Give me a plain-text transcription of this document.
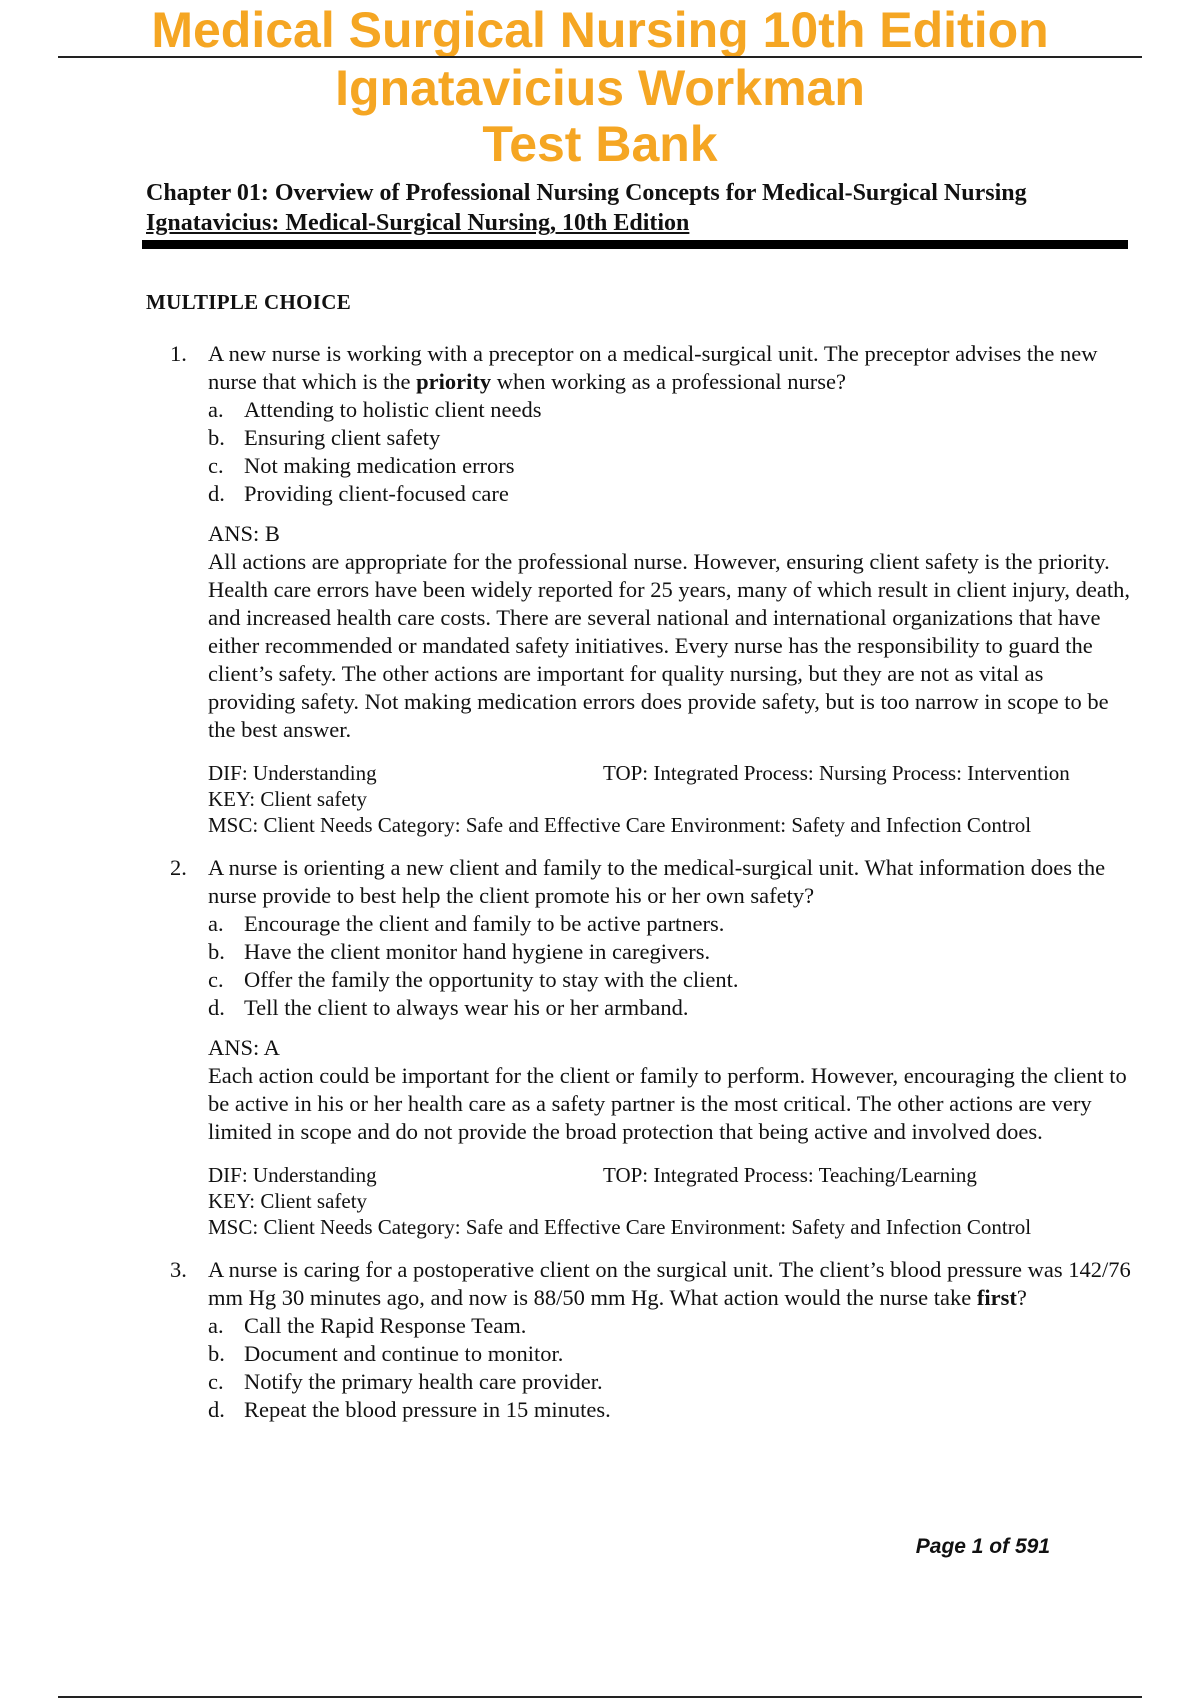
Medical Surgical Nursing 10th Edition
Ignatavicius Workman
Test Bank
Chapter 01: Overview of Professional Nursing Concepts for Medical-Surgical Nursing
Ignatavicius: Medical-Surgical Nursing, 10th Edition
MULTIPLE CHOICE
1. A new nurse is working with a preceptor on a medical-surgical unit. The preceptor advises the new nurse that which is the priority when working as a professional nurse?
a. Attending to holistic client needs
b. Ensuring client safety
c. Not making medication errors
d. Providing client-focused care
ANS: B
All actions are appropriate for the professional nurse. However, ensuring client safety is the priority. Health care errors have been widely reported for 25 years, many of which result in client injury, death, and increased health care costs. There are several national and international organizations that have either recommended or mandated safety initiatives. Every nurse has the responsibility to guard the client’s safety. The other actions are important for quality nursing, but they are not as vital as providing safety. Not making medication errors does provide safety, but is too narrow in scope to be the best answer.
DIF: Understanding	TOP: Integrated Process: Nursing Process: Intervention
KEY: Client safety
MSC: Client Needs Category: Safe and Effective Care Environment: Safety and Infection Control
2. A nurse is orienting a new client and family to the medical-surgical unit. What information does the nurse provide to best help the client promote his or her own safety?
a. Encourage the client and family to be active partners.
b. Have the client monitor hand hygiene in caregivers.
c. Offer the family the opportunity to stay with the client.
d. Tell the client to always wear his or her armband.
ANS: A
Each action could be important for the client or family to perform. However, encouraging the client to be active in his or her health care as a safety partner is the most critical. The other actions are very limited in scope and do not provide the broad protection that being active and involved does.
DIF: Understanding	TOP: Integrated Process: Teaching/Learning
KEY: Client safety
MSC: Client Needs Category: Safe and Effective Care Environment: Safety and Infection Control
3. A nurse is caring for a postoperative client on the surgical unit. The client’s blood pressure was 142/76 mm Hg 30 minutes ago, and now is 88/50 mm Hg. What action would the nurse take first?
a. Call the Rapid Response Team.
b. Document and continue to monitor.
c. Notify the primary health care provider.
d. Repeat the blood pressure in 15 minutes.
Page 1 of 591
